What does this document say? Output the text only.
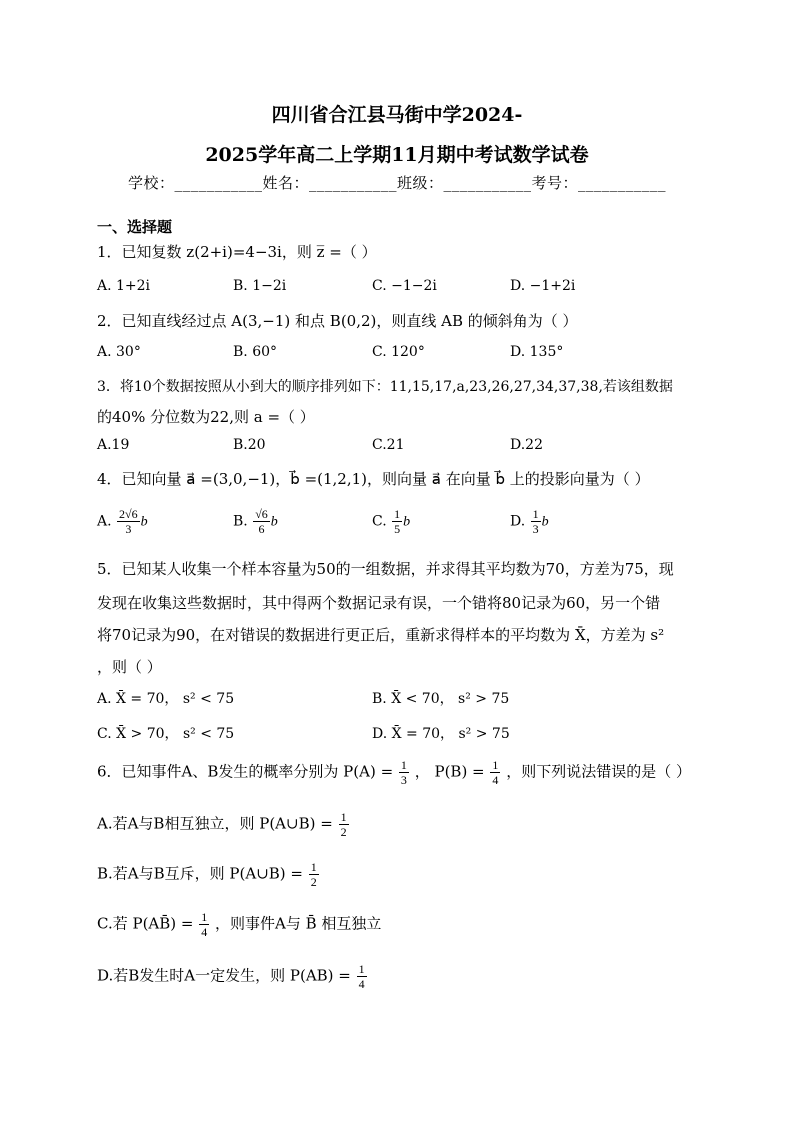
四川省合江县马街中学2024-
2025学年高二上学期11月期中考试数学试卷
学校：___________姓名：___________班级：___________考号：___________
一、选择题
1．已知复数 z(2+i)=4−3i，则 z̅ =（ ）
A. 1+2i	B. 1−2i	C. −1−2i	D. −1+2i
2．已知直线经过点 A(3,−1) 和点 B(0,2)，则直线 AB 的倾斜角为（ ）
A. 30°	B. 60°	C. 120°	D. 135°
3．将10个数据按照从小到大的顺序排列如下：11,15,17,a,23,26,27,34,37,38,若该组数据
的40% 分位数为22,则 a =（ ）
A.19	B.20	C.21	D.22
4．已知向量 a⃗ =(3,0,−1)，b⃗ =(1,2,1)，则向量 a⃗ 在向量 b⃗ 上的投影向量为（ ）
A. $\frac{2√6}{3}$ b	B. $\frac{√6}{6}$ b	C. $\frac{1}{5}$ b	D. $\frac{1}{3}$ b
5．已知某人收集一个样本容量为50的一组数据，并求得其平均数为70，方差为75，现
发现在收集这些数据时，其中得两个数据记录有误，一个错将80记录为60，另一个错
将70记录为90，在对错误的数据进行更正后，重新求得样本的平均数为 X̄，方差为 s²
，则（ ）
A. X̄ = 70， s² < 75	B. X̄ < 70， s² > 75
C. X̄ > 70， s² < 75	D. X̄ = 70， s² > 75
6．已知事件A、B发生的概率分别为 $P(A) = \frac{1}{3}$ ， $P(B) = \frac{1}{4}$ ，则下列说法错误的是（ ）
A.若A与B相互独立，则 P(A∪B) = $\frac{1}{2}$
B.若A与B互斥，则 P(A∪B) = $\frac{1}{2}$
C.若 P(AB̄) = $\frac{1}{4}$ ，则事件A与 B̄ 相互独立
D.若B发生时A一定发生，则 $P(AB) = \frac{1}{4}$
